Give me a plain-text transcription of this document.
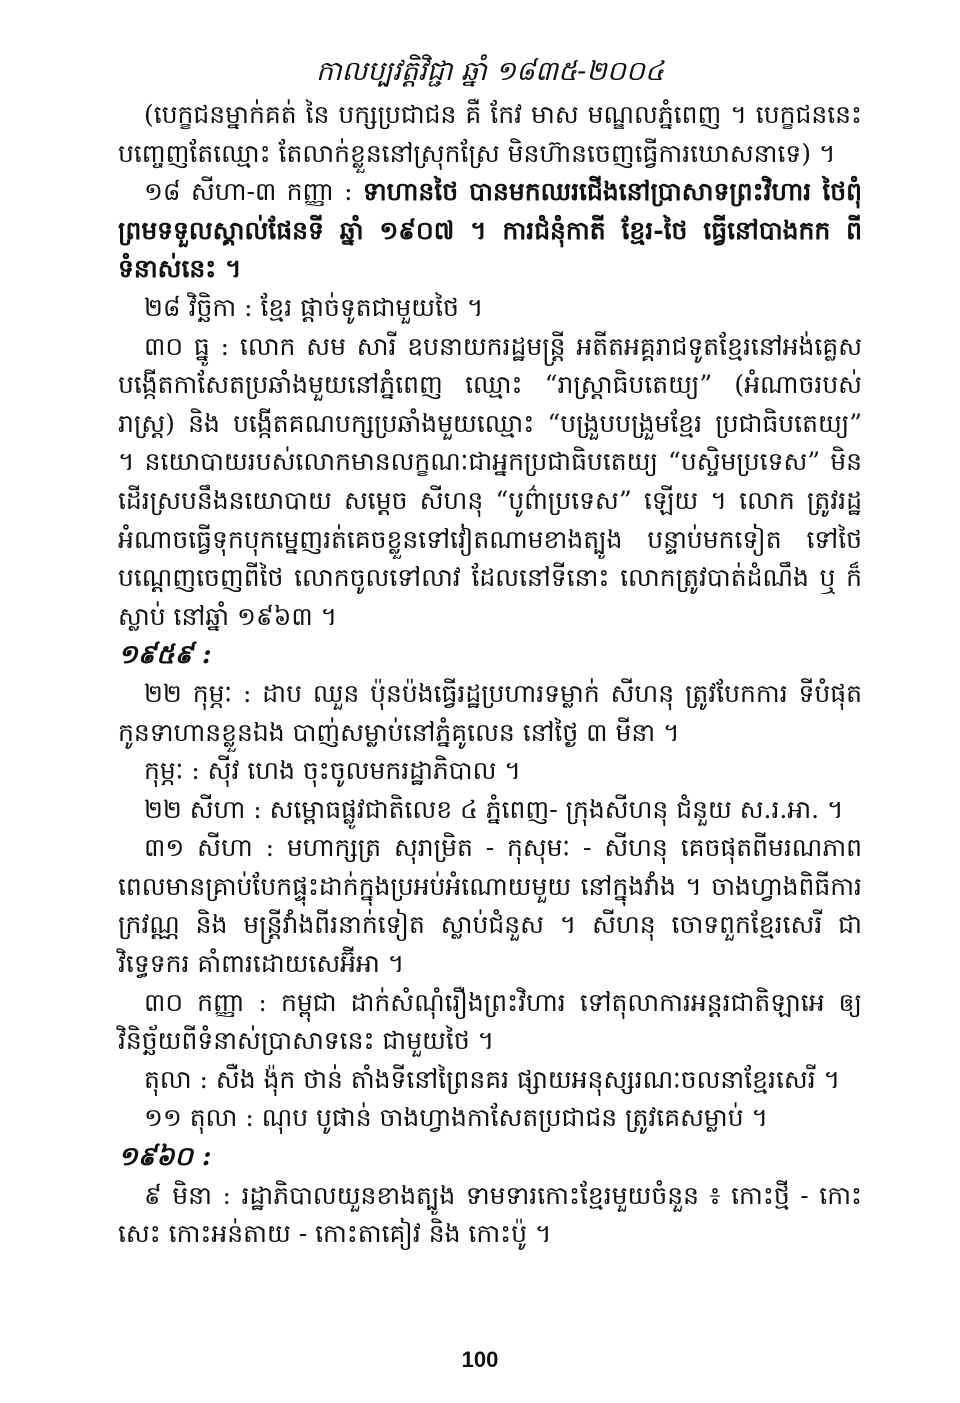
កាលប្បវត្តិវិជ្ជា ឆ្នាំ ១៨៣៥-២០០៤

(បេក្ខជនម្នាក់គត់ នៃ បក្សប្រជាជន គឺ កែវ មាស មណ្ឌលភ្នំពេញ ។ បេក្ខជននេះ បញ្ចេញតែឈ្មោះ តែលាក់ខ្លួននៅស្រុកស្រែ មិនហ៊ានចេញធ្វើការឃោសនាទេ) ។

១៨ សីហា-៣ កញ្ញា : ទាហានថៃ បានមកឈរជើងនៅប្រាសាទព្រះវិហារ ថៃពុំព្រមទទួលស្គាល់ផែនទី ឆ្នាំ ១៩០៧ ។ ការជំនុំកាតី ខ្មែរ-ថៃ ធ្វើនៅបាងកក ពីទំនាស់នេះ ។

២៨ វិច្ឆិកា : ខ្មែរ ផ្ដាច់ទូតជាមួយថៃ ។

៣០ ធ្នូ : លោក សម សារី ឧបនាយករដ្ឋមន្ត្រី អតីតអគ្គរាជទូតខ្មែរនៅអង់គ្លេស បង្កើតកាសែតប្រឆាំងមួយនៅភ្នំពេញ ឈ្មោះ “រាស្ត្រាធិបតេយ្យ” (អំណាចរបស់រាស្ត្រ) និង បង្កើតគណបក្សប្រឆាំងមួយឈ្មោះ “បង្រួបបង្រួមខ្មែរ ប្រជាធិបតេយ្យ” ។ នយោបាយរបស់លោកមានលក្ខណៈជាអ្នកប្រជាធិបតេយ្យ “បស្ចិមប្រទេស” មិនដើរស្របនឹងនយោបាយ សម្ដេច សីហនុ “បូព៌ាប្រទេស” ឡើយ ។ លោក ត្រូវរដ្ឋអំណាចធ្វើទុកបុកម្នេញរត់គេចខ្លួនទៅវៀតណាមខាងត្បូង បន្ទាប់មកទៀត ទៅថៃ បណ្ដេញចេញពីថៃ លោកចូលទៅលាវ ដែលនៅទីនោះ លោកត្រូវបាត់ដំណឹង ឬ ក៏ស្លាប់ នៅឆ្នាំ ១៩៦៣ ។

១៩៥៩ :

២២ កុម្ភៈ : ដាប ឈួន ប៉ុនប៉ងធ្វើរដ្ឋប្រហារទម្លាក់ សីហនុ ត្រូវបែកការ ទីបំផុតកូនទាហានខ្លួនឯង បាញ់សម្លាប់នៅភ្នំគូលេន នៅថ្ងៃ ៣ មីនា ។

កុម្ភៈ : ស៊ីវ ហេង ចុះចូលមករដ្ឋាភិបាល ។

២២ សីហា : សម្ពោធផ្លូវជាតិលេខ ៤ ភ្នំពេញ- ក្រុងសីហនុ ជំនួយ ស.រ.អា. ។

៣១ សីហា : មហាក្សត្រ សុរាម្រិត - កុសុមៈ - សីហនុ គេចផុតពីមរណភាព ពេលមានគ្រាប់បែកផ្ទុះដាក់ក្នុងប្រអប់អំណោយមួយ នៅក្នុងវាំង ។ ចាងហ្វាងពិធីការ ក្រវណ្ណ និង មន្ត្រីវាំងពីរនាក់ទៀត ស្លាប់ជំនួស ។ សីហនុ ចោទពួកខ្មែរសេរី ជាវិទ្ធេទករ គាំពារដោយសេអ៊ីអា ។

៣០ កញ្ញា : កម្ពុជា ដាក់សំណុំរឿងព្រះវិហារ ទៅតុលាការអន្តរជាតិឡាអេ ឲ្យវិនិច្ឆ័យពីទំនាស់ប្រាសាទនេះ ជាមួយថៃ ។

តុលា : សឺង ង៉ុក ថាន់ តាំងទីនៅព្រៃនគរ ផ្សាយអនុស្សរណៈចលនាខ្មែរសេរី ។

១១ តុលា : ណុប បូផាន់ ចាងហ្វាងកាសែតប្រជាជន ត្រូវគេសម្លាប់ ។

១៩៦០ :

៩ មិនា : រដ្ឋាភិបាលយួនខាងត្បូង ទាមទារកោះខ្មែរមួយចំនួន ៖ កោះថ្មី - កោះសេះ កោះអន់តាយ - កោះតាគៀវ និង កោះប៉ូ ។

100
